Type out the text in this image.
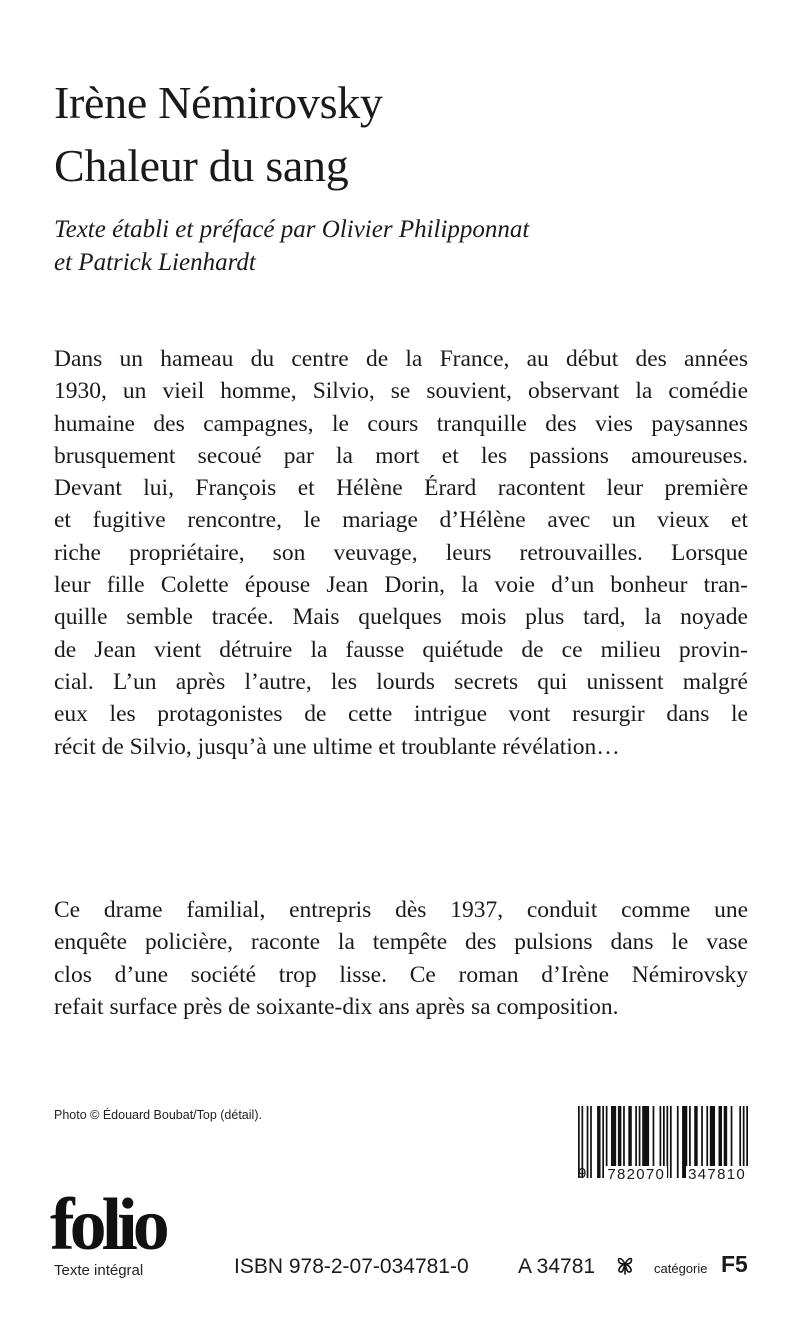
Irène Némirovsky
Chaleur du sang
Texte établi et préfacé par Olivier Philipponnat
et Patrick Lienhardt
Dans un hameau du centre de la France, au début des années
1930, un vieil homme, Silvio, se souvient, observant la comédie
humaine des campagnes, le cours tranquille des vies paysannes
brusquement secoué par la mort et les passions amoureuses.
Devant lui, François et Hélène Érard racontent leur première
et fugitive rencontre, le mariage d’Hélène avec un vieux et
riche propriétaire, son veuvage, leurs retrouvailles. Lorsque
leur fille Colette épouse Jean Dorin, la voie d’un bonheur tran-
quille semble tracée. Mais quelques mois plus tard, la noyade
de Jean vient détruire la fausse quiétude de ce milieu provin-
cial. L’un après l’autre, les lourds secrets qui unissent malgré
eux les protagonistes de cette intrigue vont resurgir dans le
récit de Silvio, jusqu’à une ultime et troublante révélation…
Ce drame familial, entrepris dès 1937, conduit comme une
enquête policière, raconte la tempête des pulsions dans le vase
clos d’une société trop lisse. Ce roman d’Irène Némirovsky
refait surface près de soixante-dix ans après sa composition.
Photo © Édouard Boubat/Top (détail).
9 782070 347810
folio
Texte intégral	ISBN 978-2-07-034781-0 A 34781	catégorie F5
